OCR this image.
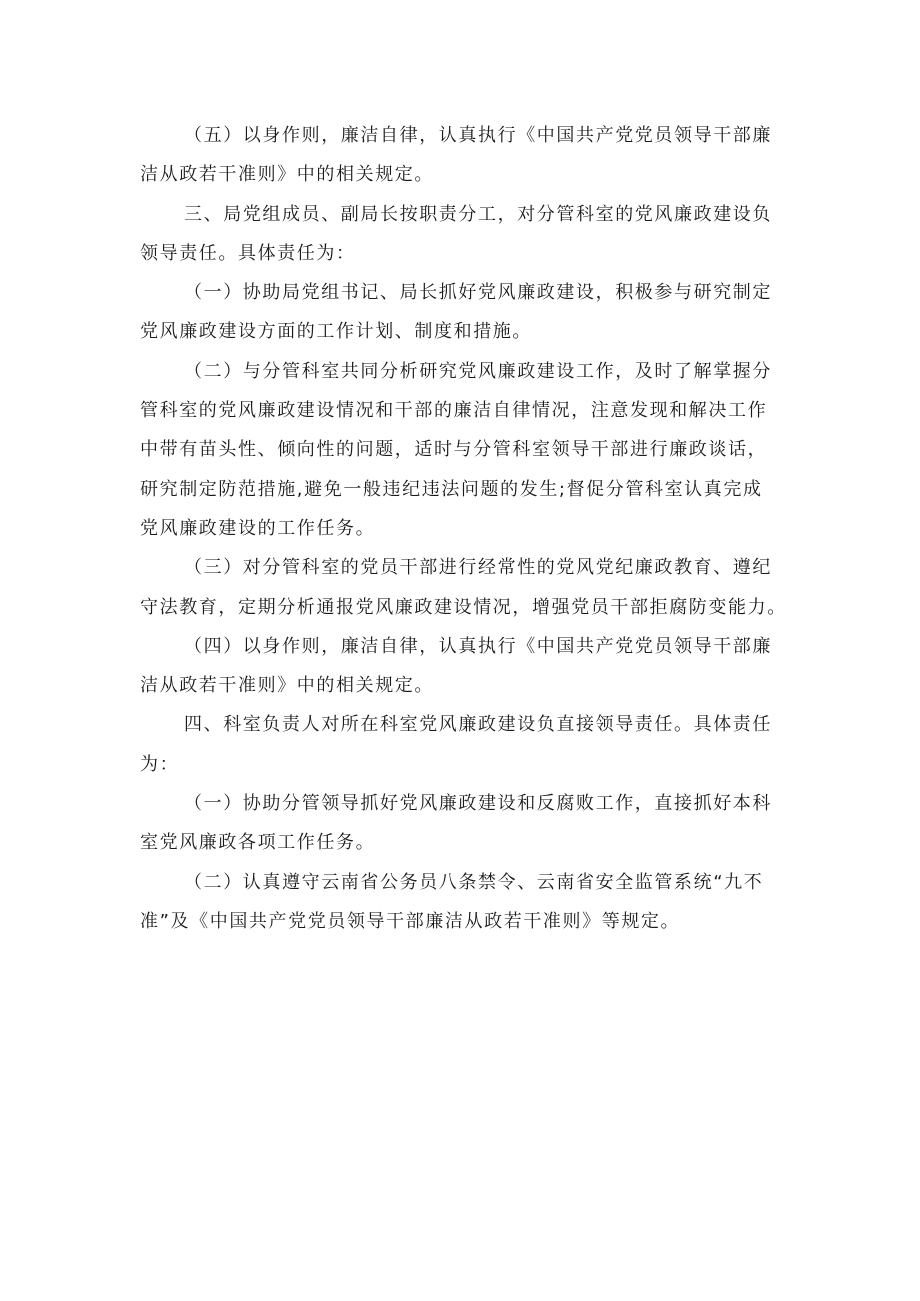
（五）以身作则，廉洁自律，认真执行《中国共产党党员领导干部廉
洁从政若干准则》中的相关规定。
三、局党组成员、副局长按职责分工，对分管科室的党风廉政建设负
领导责任。具体责任为：
（一）协助局党组书记、局长抓好党风廉政建设，积极参与研究制定
党风廉政建设方面的工作计划、制度和措施。
（二）与分管科室共同分析研究党风廉政建设工作，及时了解掌握分
管科室的党风廉政建设情况和干部的廉洁自律情况，注意发现和解决工作
中带有苗头性、倾向性的问题，适时与分管科室领导干部进行廉政谈话，
研究制定防范措施,避免一般违纪违法问题的发生;督促分管科室认真完成
党风廉政建设的工作任务。
（三）对分管科室的党员干部进行经常性的党风党纪廉政教育、遵纪
守法教育，定期分析通报党风廉政建设情况，增强党员干部拒腐防变能力。
（四）以身作则，廉洁自律，认真执行《中国共产党党员领导干部廉
洁从政若干准则》中的相关规定。
四、科室负责人对所在科室党风廉政建设负直接领导责任。具体责任
为：
（一）协助分管领导抓好党风廉政建设和反腐败工作，直接抓好本科
室党风廉政各项工作任务。
（二）认真遵守云南省公务员八条禁令、云南省安全监管系统“九不
准”及《中国共产党党员领导干部廉洁从政若干准则》等规定。
